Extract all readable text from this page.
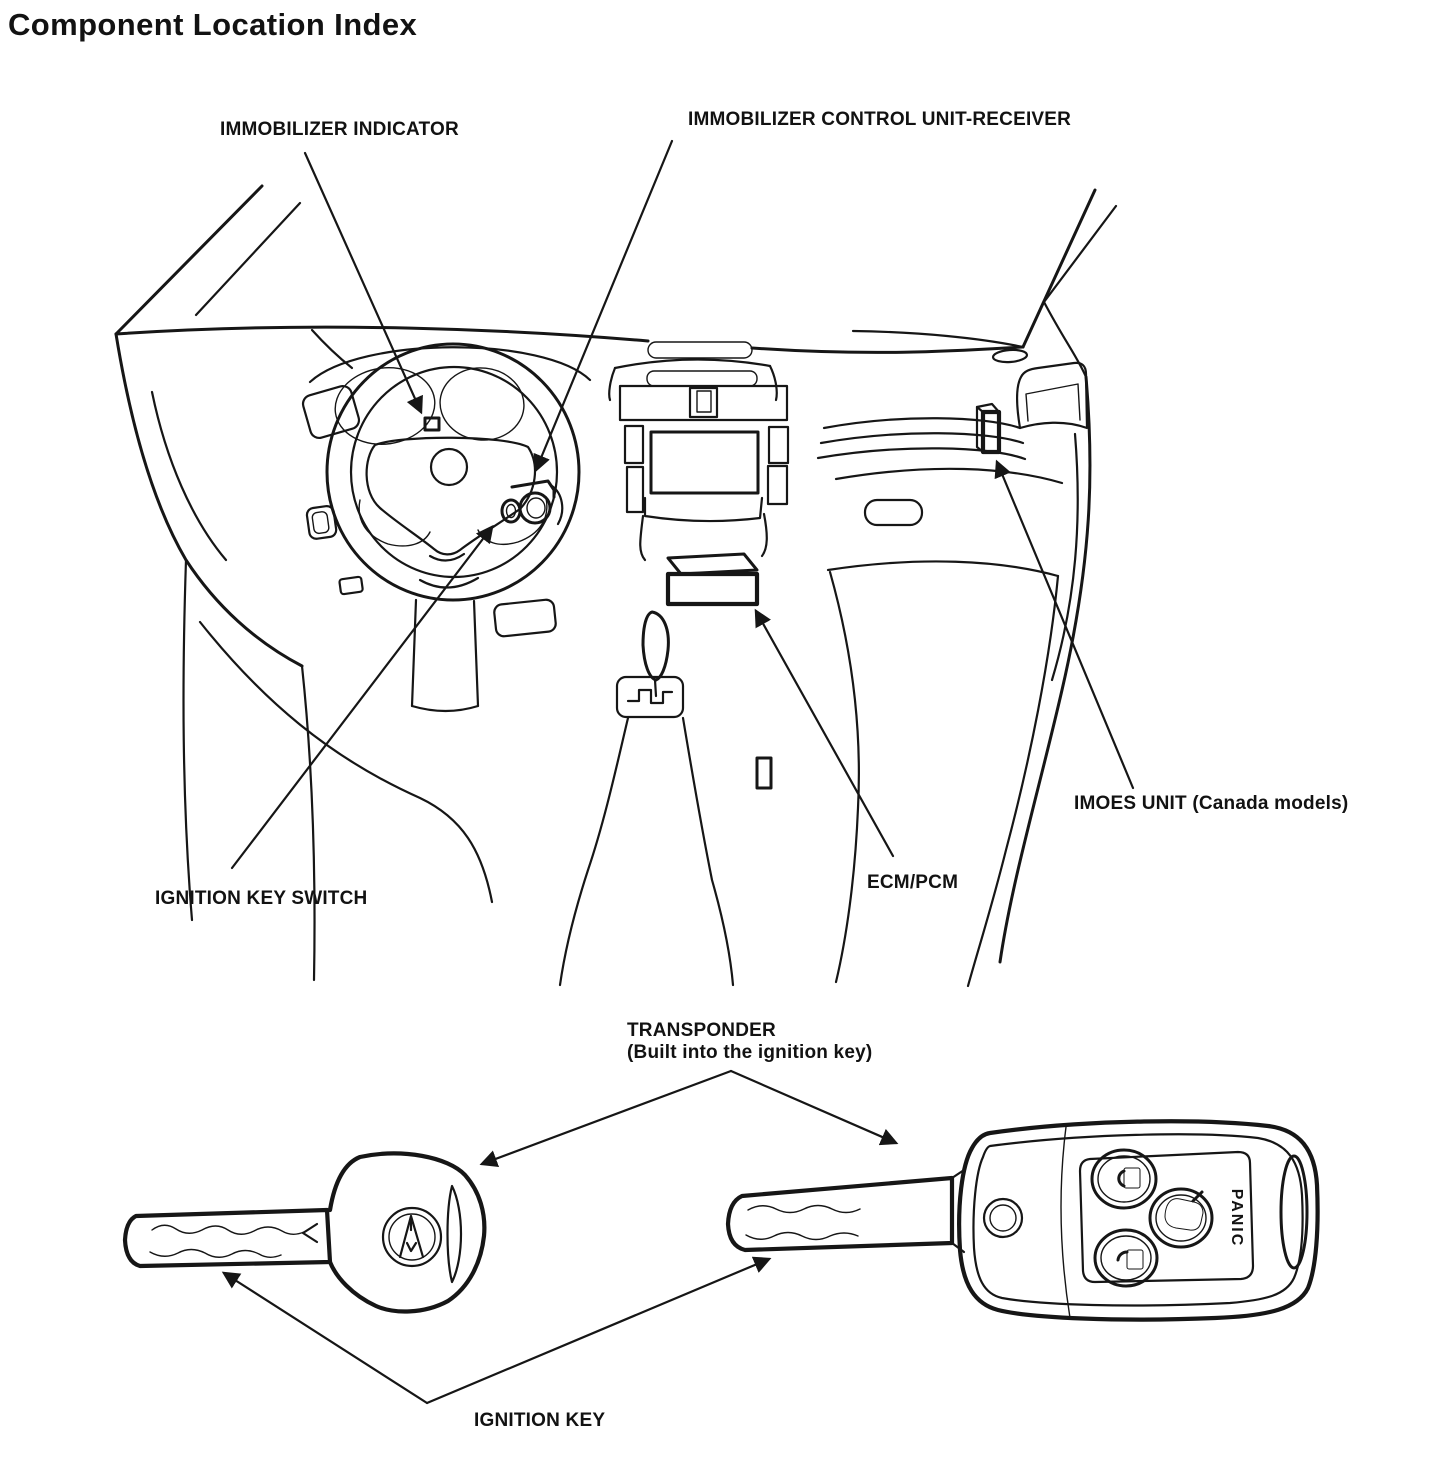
Component Location Index
IMMOBILIZER INDICATOR	IMMOBILIZER CONTROL UNIT-RECEIVER
IMOES UNIT (Canada models)
IGNITION KEY SWITCH
ECM/PCM
TRANSPONDER
(Built into the ignition key)
IGNITION KEY
PANIC
